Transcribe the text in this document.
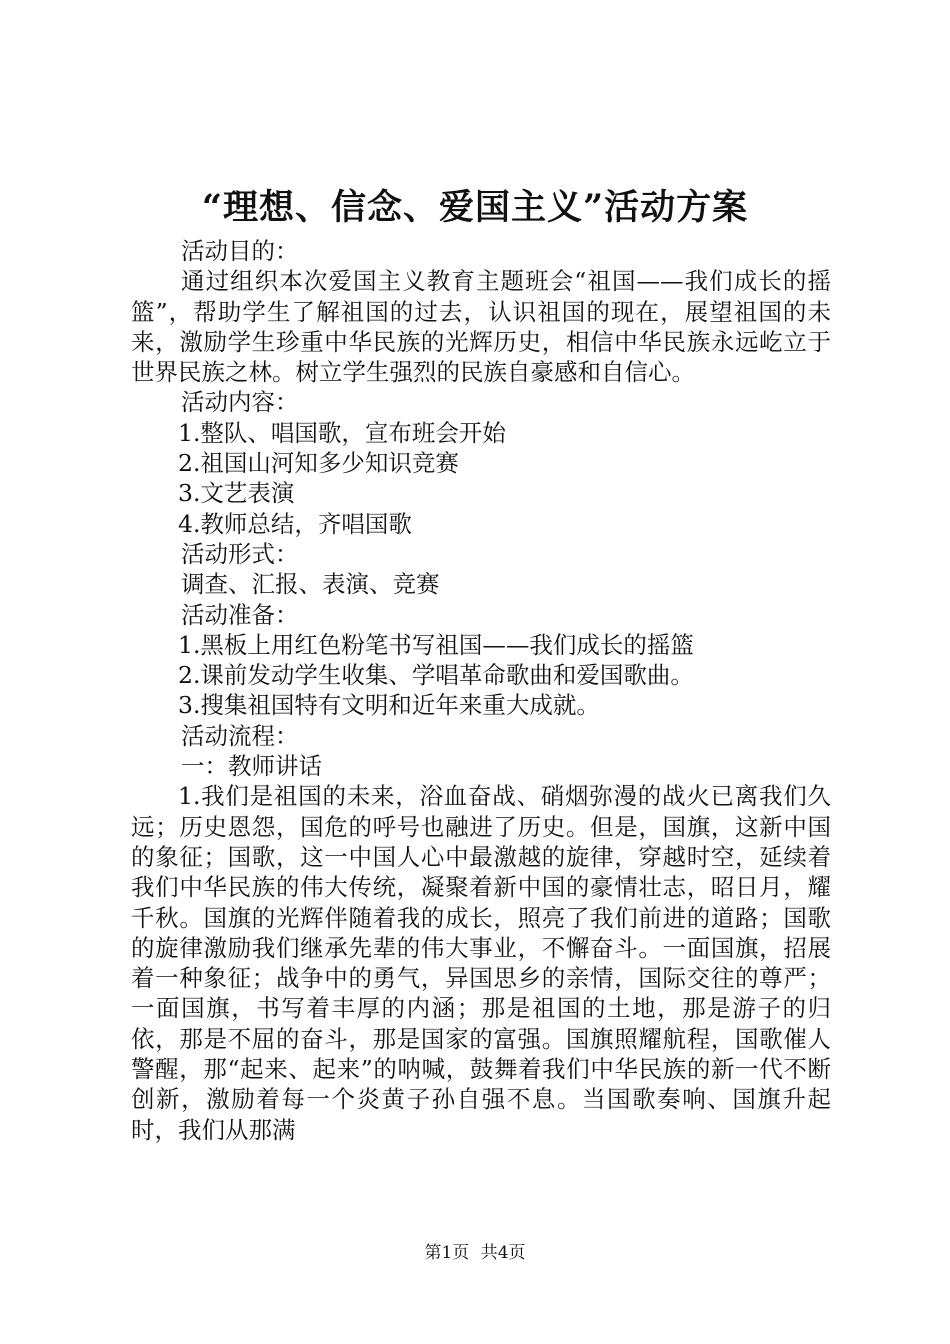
“理想、信念、爱国主义”活动方案

活动目的：

通过组织本次爱国主义教育主题班会“祖国——我们成长的摇篮”，帮助学生了解祖国的过去，认识祖国的现在，展望祖国的未来，激励学生珍重中华民族的光辉历史，相信中华民族永远屹立于世界民族之林。树立学生强烈的民族自豪感和自信心。

活动内容：

1.整队、唱国歌，宣布班会开始

2.祖国山河知多少知识竞赛

3.文艺表演

4.教师总结，齐唱国歌

活动形式：

调查、汇报、表演、竞赛

活动准备：

1.黑板上用红色粉笔书写祖国——我们成长的摇篮

2.课前发动学生收集、学唱革命歌曲和爱国歌曲。

3.搜集祖国特有文明和近年来重大成就。

活动流程：

一：教师讲话

1.我们是祖国的未来，浴血奋战、硝烟弥漫的战火已离我们久远；历史恩怨，国危的呼号也融进了历史。但是，国旗，这新中国的象征；国歌，这一中国人心中最激越的旋律，穿越时空，延续着我们中华民族的伟大传统，凝聚着新中国的豪情壮志，昭日月，耀千秋。国旗的光辉伴随着我的成长，照亮了我们前进的道路；国歌的旋律激励我们继承先辈的伟大事业，不懈奋斗。一面国旗，招展着一种象征；战争中的勇气，异国思乡的亲情，国际交往的尊严；一面国旗，书写着丰厚的内涵；那是祖国的土地，那是游子的归依，那是不屈的奋斗，那是国家的富强。国旗照耀航程，国歌催人警醒，那“起来、起来”的呐喊，鼓舞着我们中华民族的新一代不断创新，激励着每一个炎黄子孙自强不息。当国歌奏响、国旗升起时，我们从那满

第1页 共4页
